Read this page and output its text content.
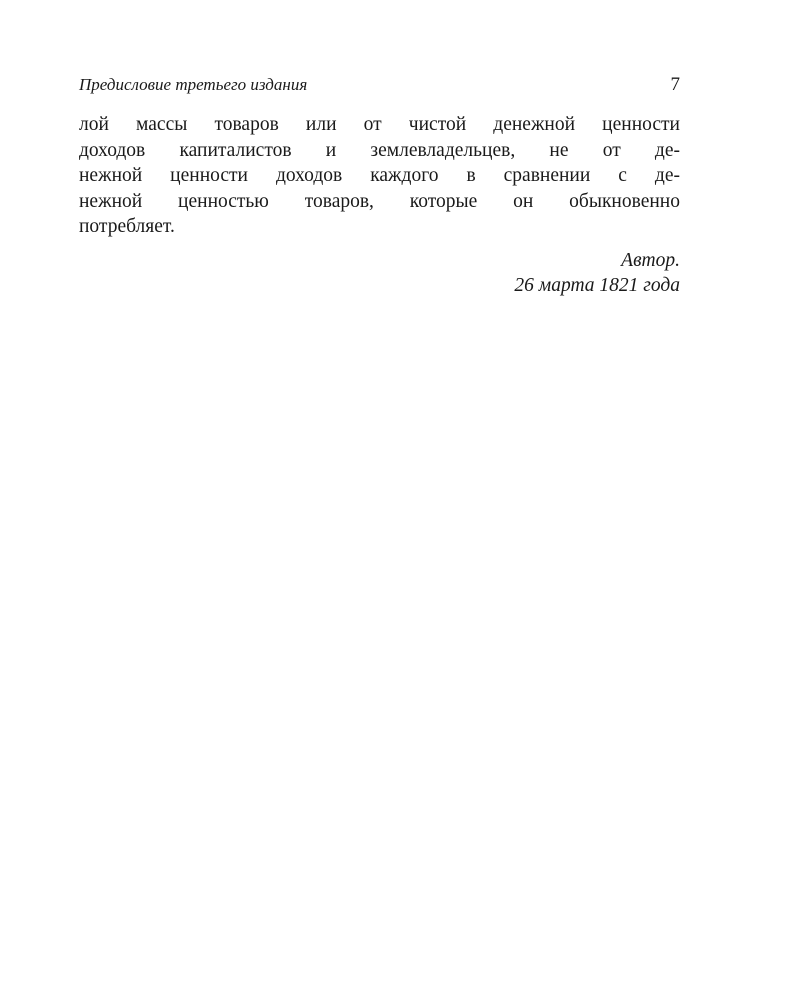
Предисловие третьего издания	7
лой массы товаров или от чистой денежной ценности
доходов капиталистов и землевладельцев, не от де-
нежной ценности доходов каждого в сравнении с де-
нежной ценностью товаров, которые он обыкновенно
потребляет.
Автор.
26 марта 1821 года
